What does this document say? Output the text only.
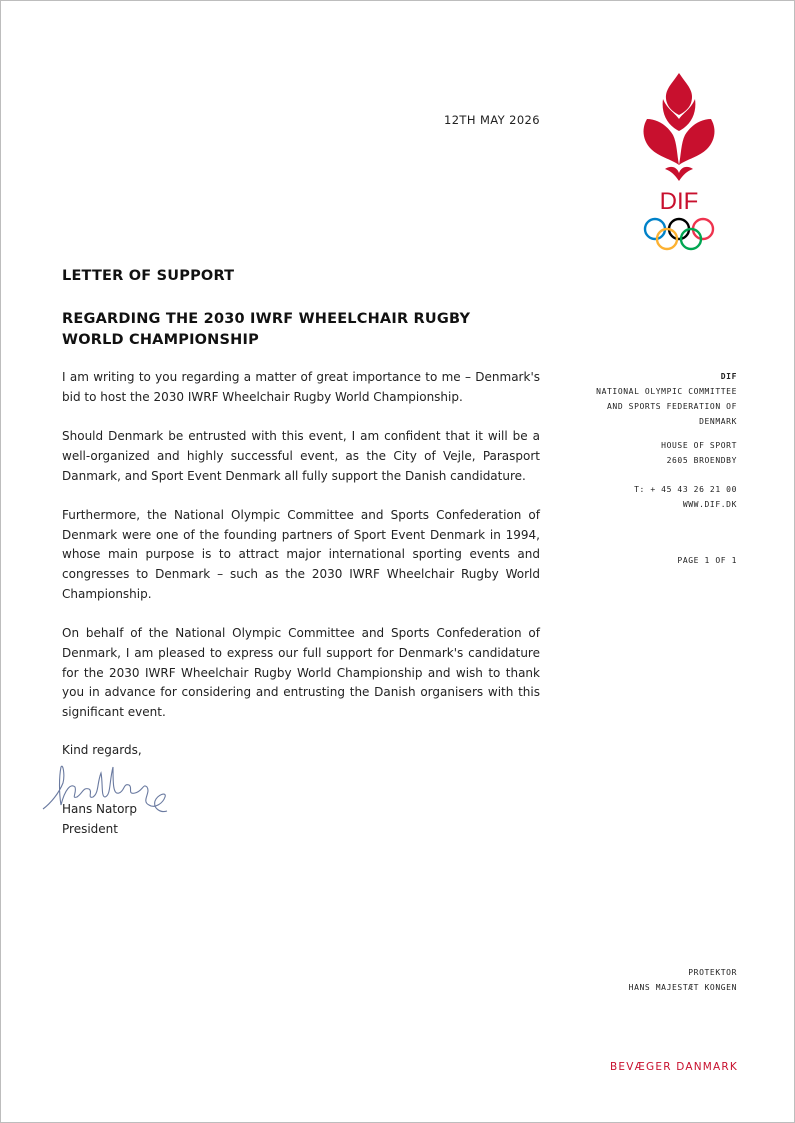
12TH MAY 2026
DIF
LETTER OF SUPPORT
REGARDING THE 2030 IWRF WHEELCHAIR RUGBY WORLD CHAMPIONSHIP

I am writing to you regarding a matter of great importance to me – Denmark's bid to host the 2030 IWRF Wheelchair Rugby World Championship.

Should Denmark be entrusted with this event, I am confident that it will be a well-organized and highly successful event, as the City of Vejle, Parasport Danmark, and Sport Event Denmark all fully support the Danish candidature.

Furthermore, the National Olympic Committee and Sports Confederation of Denmark were one of the founding partners of Sport Event Denmark in 1994, whose main purpose is to attract major international sporting events and congresses to Denmark – such as the 2030 IWRF Wheelchair Rugby World Championship.

On behalf of the National Olympic Committee and Sports Confederation of Denmark, I am pleased to express our full support for Denmark's candidature for the 2030 IWRF Wheelchair Rugby World Championship and wish to thank you in advance for considering and entrusting the Danish organisers with this significant event.

Kind regards,
Hans Natorp
President
DIF
NATIONAL OLYMPIC COMMITTEE
AND SPORTS FEDERATION OF
DENMARK
HOUSE OF SPORT
2605 BROENDBY
T: + 45 43 26 21 00
WWW.DIF.DK
PAGE 1 OF 1
PROTEKTOR
HANS MAJESTÆT KONGEN
BEVÆGER DANMARK
